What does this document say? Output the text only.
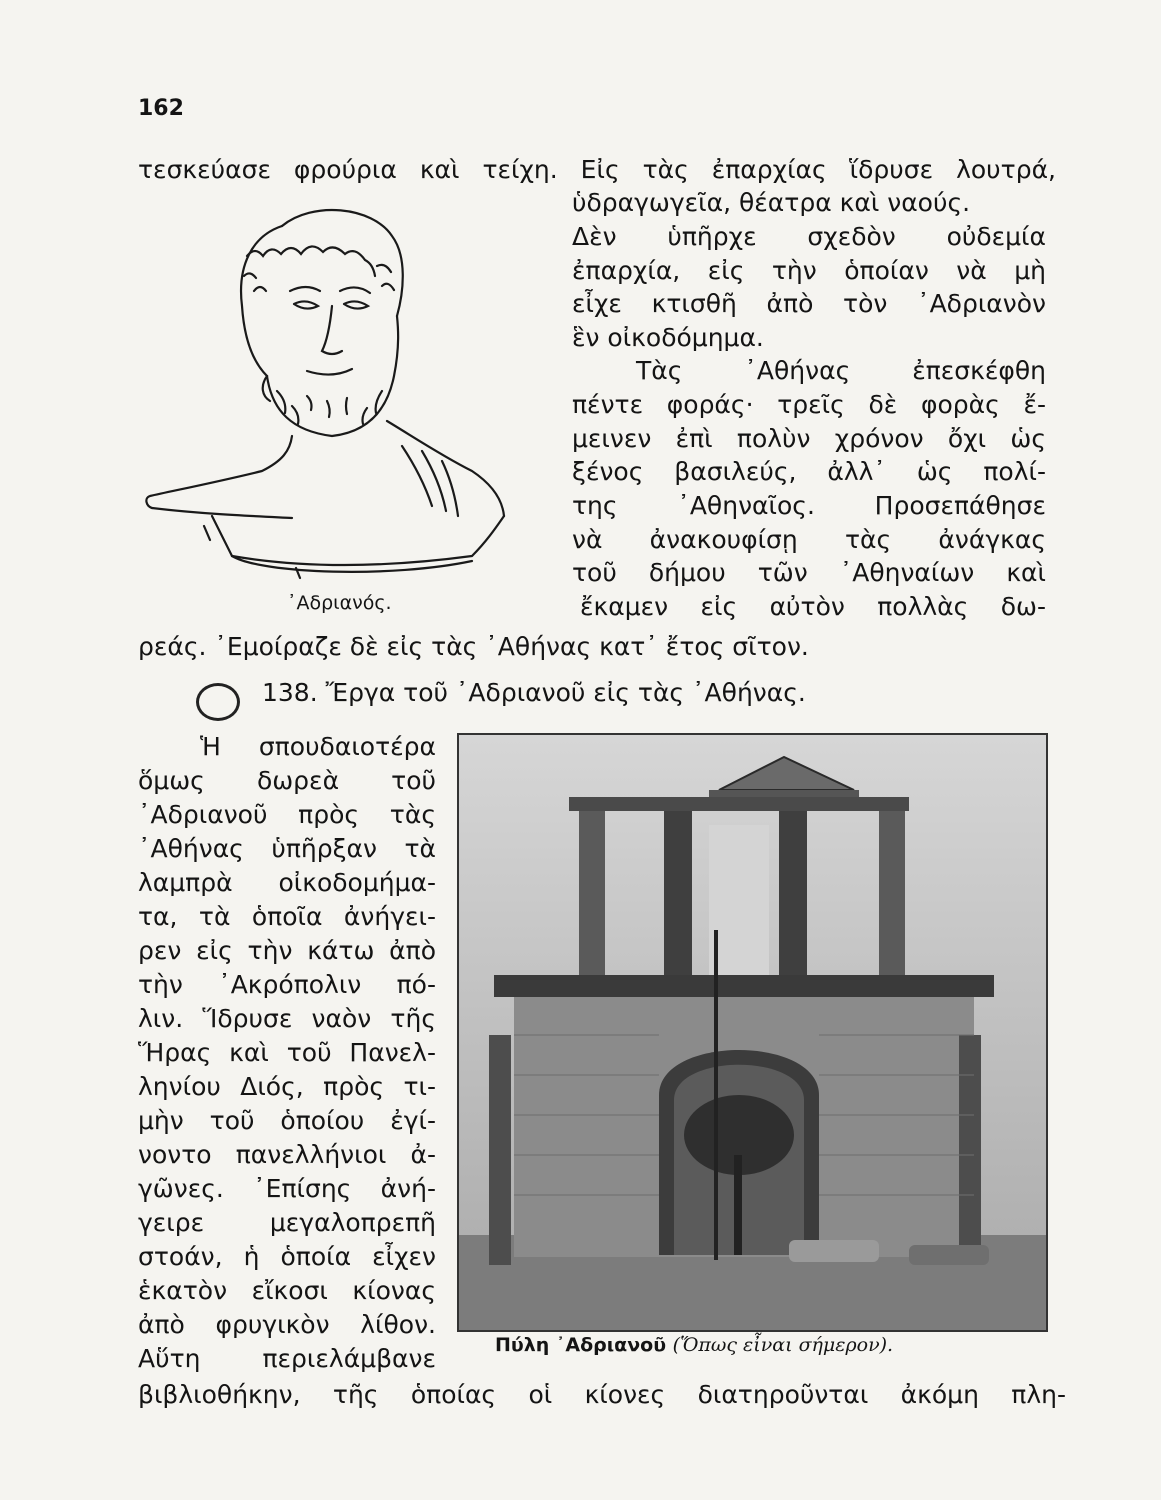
162
τεσκεύασε φρούρια καὶ τείχη. Εἰς τὰς ἐπαρχίας ἵδρυσε λουτρά,
ὑδραγωγεῖα, θέατρα καὶ ναούς.
Δὲν ὑπῆρχε σχεδὸν οὐδεμία
ἐπαρχία, εἰς τὴν ὁποίαν νὰ μὴ
εἶχε κτισθῆ ἀπὸ τὸν ᾿Αδριανὸν
ἓν οἰκοδόμημα.
Τὰς ᾿Αθήνας ἐπεσκέφθη
πέντε φοράς· τρεῖς δὲ φορὰς ἔ-
μεινεν ἐπὶ πολὺν χρόνον ὄχι ὡς
ξένος βασιλεύς, ἀλλ᾿ ὡς πολί-
της ᾿Αθηναῖος. Προσεπάθησε
νὰ ἀνακουφίσῃ τὰς ἀνάγκας
τοῦ δήμου τῶν ᾿Αθηναίων καὶ
ἔκαμεν εἰς αὐτὸν πολλὰς δω-
ρεάς. ᾿Εμοίραζε δὲ εἰς τὰς ᾿Αθήνας κατ᾿ ἔτος σῖτον.
᾿Αδριανός.
138. Ἔργα τοῦ ᾿Αδριανοῦ εἰς τὰς ᾿Αθήνας.
Ἡ σπουδαιοτέρα
ὅμως δωρεὰ τοῦ
᾿Αδριανοῦ πρὸς τὰς
᾿Αθήνας ὑπῆρξαν τὰ
λαμπρὰ οἰκοδομήμα-
τα, τὰ ὁποῖα ἀνήγει-
ρεν εἰς τὴν κάτω ἀπὸ
τὴν ᾿Ακρόπολιν πό-
λιν. Ἵδρυσε ναὸν τῆς
Ἥρας καὶ τοῦ Πανελ-
ληνίου Διός, πρὸς τι-
μὴν τοῦ ὁποίου ἐγί-
νοντο πανελλήνιοι ἀ-
γῶνες. ᾿Επίσης ἀνή-
γειρε μεγαλοπρεπῆ
στοάν, ἡ ὁποία εἶχεν
ἑκατὸν εἴκοσι κίονας
ἀπὸ φρυγικὸν λίθον.
Αὕτη περιελάμβανε	Πύλη ᾿Αδριανοῦ (Ὅπως εἶναι σήμερον).
βιβλιοθήκην, τῆς ὁποίας οἱ κίονες διατηροῦνται ἀκόμη πλη-
